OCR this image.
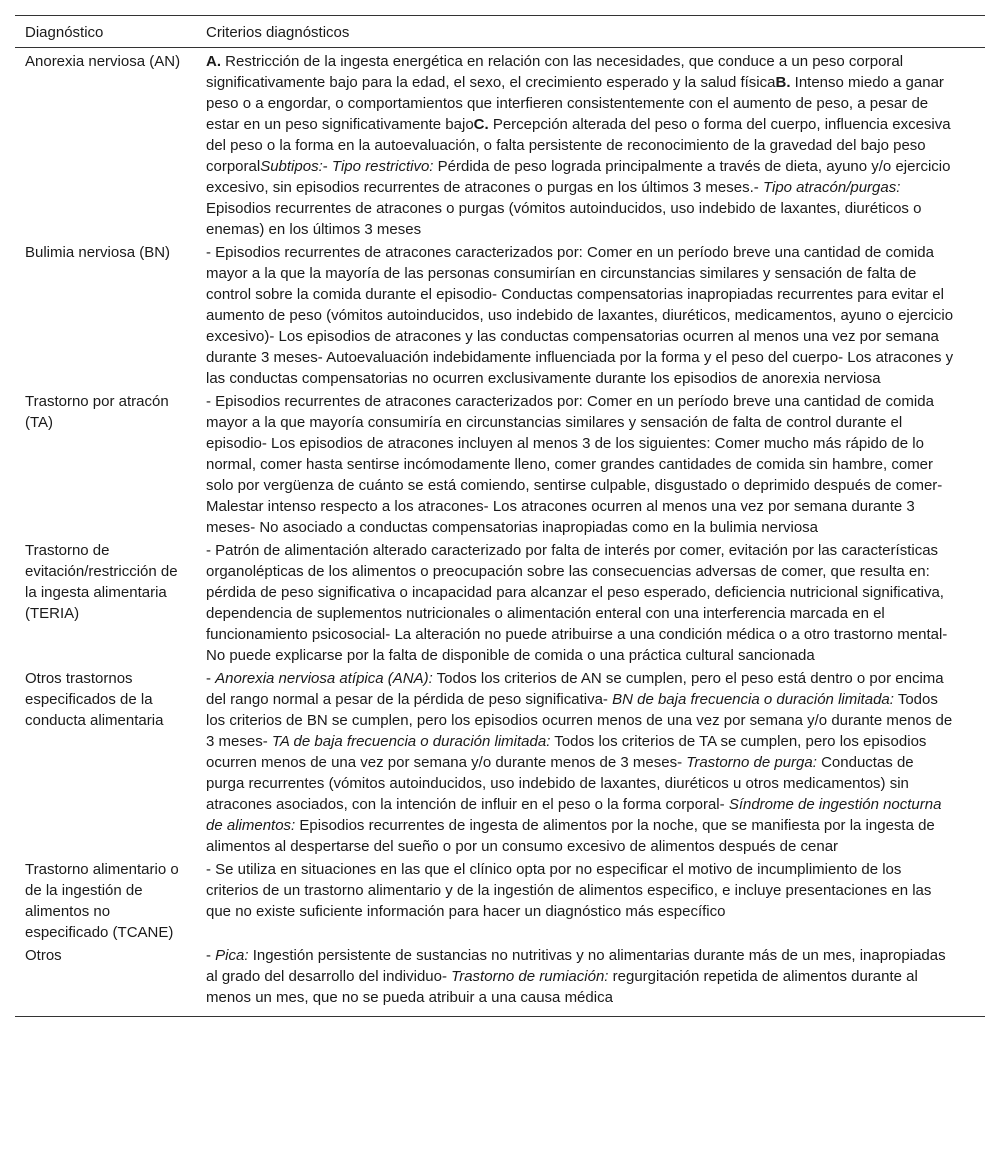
Diagnóstico	Criterios diagnósticos
Anorexia nerviosa (AN)	A. Restricción de la ingesta energética en relación con las necesidades, que conduce a un peso corporal significativamente bajo para la edad, el sexo, el crecimiento esperado y la salud físicaB. Intenso miedo a ganar peso o a engordar, o comportamientos que interfieren consistentemente con el aumento de peso, a pesar de estar en un peso significativamente bajoC. Percepción alterada del peso o forma del cuerpo, influencia excesiva del peso o la forma en la autoevaluación, o falta persistente de reconocimiento de la gravedad del bajo peso corporalSubtipos:- Tipo restrictivo: Pérdida de peso lograda principalmente a través de dieta, ayuno y/o ejercicio excesivo, sin episodios recurrentes de atracones o purgas en los últimos 3 meses.- Tipo atracón/purgas: Episodios recurrentes de atracones o purgas (vómitos autoinducidos, uso indebido de laxantes, diuréticos o enemas) en los últimos 3 meses
Bulimia nerviosa (BN)	- Episodios recurrentes de atracones caracterizados por: Comer en un período breve una cantidad de comida mayor a la que la mayoría de las personas consumirían en circunstancias similares y sensación de falta de control sobre la comida durante el episodio- Conductas compensatorias inapropiadas recurrentes para evitar el aumento de peso (vómitos autoinducidos, uso indebido de laxantes, diuréticos, medicamentos, ayuno o ejercicio excesivo)- Los episodios de atracones y las conductas compensatorias ocurren al menos una vez por semana durante 3 meses- Autoevaluación indebidamente influenciada por la forma y el peso del cuerpo- Los atracones y las conductas compensatorias no ocurren exclusivamente durante los episodios de anorexia nerviosa
Trastorno por atracón (TA)	- Episodios recurrentes de atracones caracterizados por: Comer en un período breve una cantidad de comida mayor a la que mayoría consumiría en circunstancias similares y sensación de falta de control durante el episodio- Los episodios de atracones incluyen al menos 3 de los siguientes: Comer mucho más rápido de lo normal, comer hasta sentirse incómodamente lleno, comer grandes cantidades de comida sin hambre, comer solo por vergüenza de cuánto se está comiendo, sentirse culpable, disgustado o deprimido después de comer- Malestar intenso respecto a los atracones- Los atracones ocurren al menos una vez por semana durante 3 meses- No asociado a conductas compensatorias inapropiadas como en la bulimia nerviosa
Trastorno de evitación/restricción de la ingesta alimentaria (TERIA)	- Patrón de alimentación alterado caracterizado por falta de interés por comer, evitación por las características organolépticas de los alimentos o preocupación sobre las consecuencias adversas de comer, que resulta en: pérdida de peso significativa o incapacidad para alcanzar el peso esperado, deficiencia nutricional significativa, dependencia de suplementos nutricionales o alimentación enteral con una interferencia marcada en el funcionamiento psicosocial- La alteración no puede atribuirse a una condición médica o a otro trastorno mental- No puede explicarse por la falta de disponible de comida o una práctica cultural sancionada
Otros trastornos especificados de la conducta alimentaria	- Anorexia nerviosa atípica (ANA): Todos los criterios de AN se cumplen, pero el peso está dentro o por encima del rango normal a pesar de la pérdida de peso significativa- BN de baja frecuencia o duración limitada: Todos los criterios de BN se cumplen, pero los episodios ocurren menos de una vez por semana y/o durante menos de 3 meses- TA de baja frecuencia o duración limitada: Todos los criterios de TA se cumplen, pero los episodios ocurren menos de una vez por semana y/o durante menos de 3 meses- Trastorno de purga: Conductas de purga recurrentes (vómitos autoinducidos, uso indebido de laxantes, diuréticos u otros medicamentos) sin atracones asociados, con la intención de influir en el peso o la forma corporal- Síndrome de ingestión nocturna de alimentos: Episodios recurrentes de ingesta de alimentos por la noche, que se manifiesta por la ingesta de alimentos al despertarse del sueño o por un consumo excesivo de alimentos después de cenar
Trastorno alimentario o de la ingestión de alimentos no especificado (TCANE)	- Se utiliza en situaciones en las que el clínico opta por no especificar el motivo de incumplimiento de los criterios de un trastorno alimentario y de la ingestión de alimentos especifico, e incluye presentaciones en las que no existe suficiente información para hacer un diagnóstico más específico
Otros	- Pica: Ingestión persistente de sustancias no nutritivas y no alimentarias durante más de un mes, inapropiadas al grado del desarrollo del individuo- Trastorno de rumiación: regurgitación repetida de alimentos durante al menos un mes, que no se pueda atribuir a una causa médica
